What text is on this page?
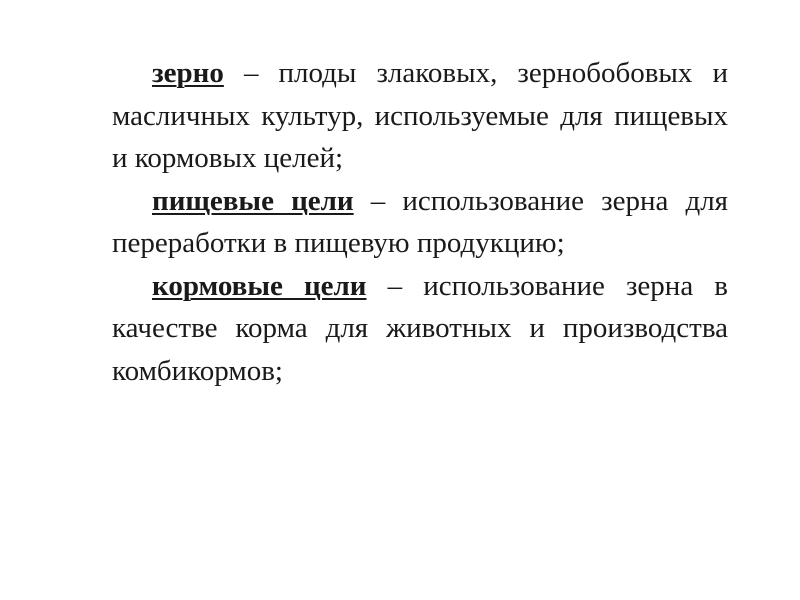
зерно – плоды злаковых, зернобобовых и масличных культур, используемые для пищевых и кормовых целей;

пищевые цели – использование зерна для переработки в пищевую продукцию;

кормовые цели – использование зерна в качестве корма для животных и производства комбикормов;
